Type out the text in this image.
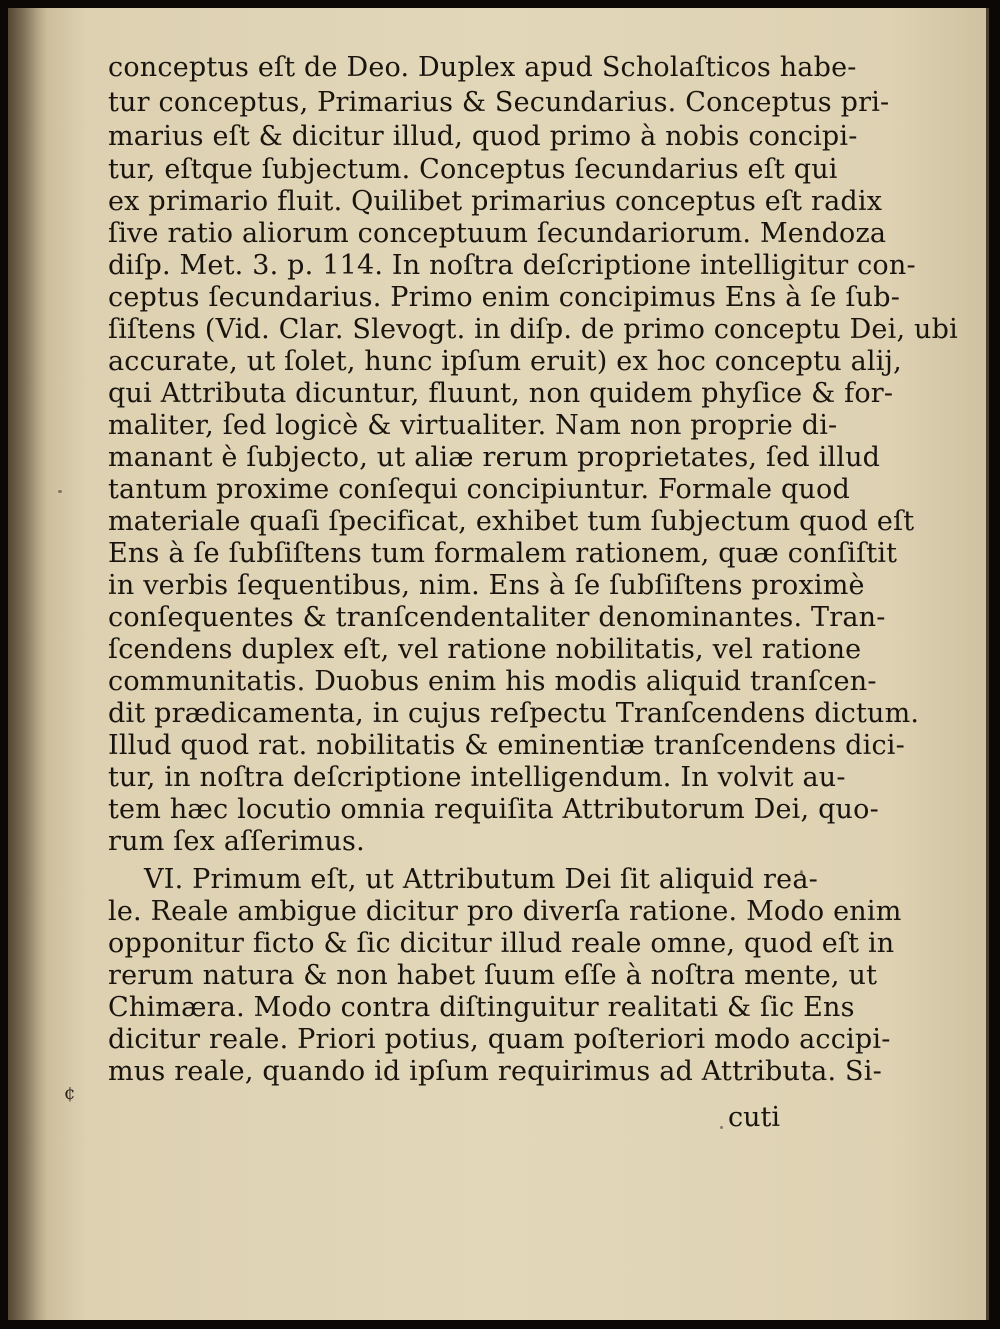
conceptus eſt de Deo. Duplex apud Scholaſticos habe-
tur conceptus, Primarius & Secundarius. Conceptus pri-
marius eſt & dicitur illud, quod primo à nobis concipi-
tur, eſtque ſubjectum. Conceptus ſecundarius eſt qui
ex primario fluit. Quilibet primarius conceptus eſt radix
ſive ratio aliorum conceptuum ſecundariorum. Mendoza
diſp. Met. 3. p. 114. In noſtra deſcriptione intelligitur con-
ceptus ſecundarius. Primo enim concipimus Ens à ſe ſub-
ſiſtens (Vid. Clar. Slevogt. in diſp. de primo conceptu Dei, ubi
accurate, ut ſolet, hunc ipſum eruit) ex hoc conceptu alij,
qui Attributa dicuntur, fluunt, non quidem phyſice & for-
maliter, ſed logicè & virtualiter. Nam non proprie di-
manant è ſubjecto, ut aliæ rerum proprietates, ſed illud
tantum proxime conſequi concipiuntur. Formale quod
materiale quaſi ſpecificat, exhibet tum ſubjectum quod eſt
Ens à ſe ſubſiſtens tum formalem rationem, quæ conſiſtit
in verbis ſequentibus, nim. Ens à ſe ſubſiſtens proximè
conſequentes & tranſcendentaliter denominantes. Tran-
ſcendens duplex eſt, vel ratione nobilitatis, vel ratione
communitatis. Duobus enim his modis aliquid tranſcen-
dit prædicamenta, in cujus reſpectu Tranſcendens dictum.
Illud quod rat. nobilitatis & eminentiæ tranſcendens dici-
tur, in noſtra deſcriptione intelligendum. In volvit au-
tem hæc locutio omnia requiſita Attributorum Dei, quo-
rum ſex aſſerimus.
VI. Primum eſt, ut Attributum Dei ſit aliquid rea-
le. Reale ambigue dicitur pro diverſa ratione. Modo enim
opponitur ficto & ſic dicitur illud reale omne, quod eſt in
rerum natura & non habet ſuum eſſe à noſtra mente, ut
Chimæra. Modo contra diſtinguitur realitati & ſic Ens
dicitur reale. Priori potius, quam poſteriori modo accipi-
mus reale, quando id ipſum requirimus ad Attributa. Si-
¢
cuti
